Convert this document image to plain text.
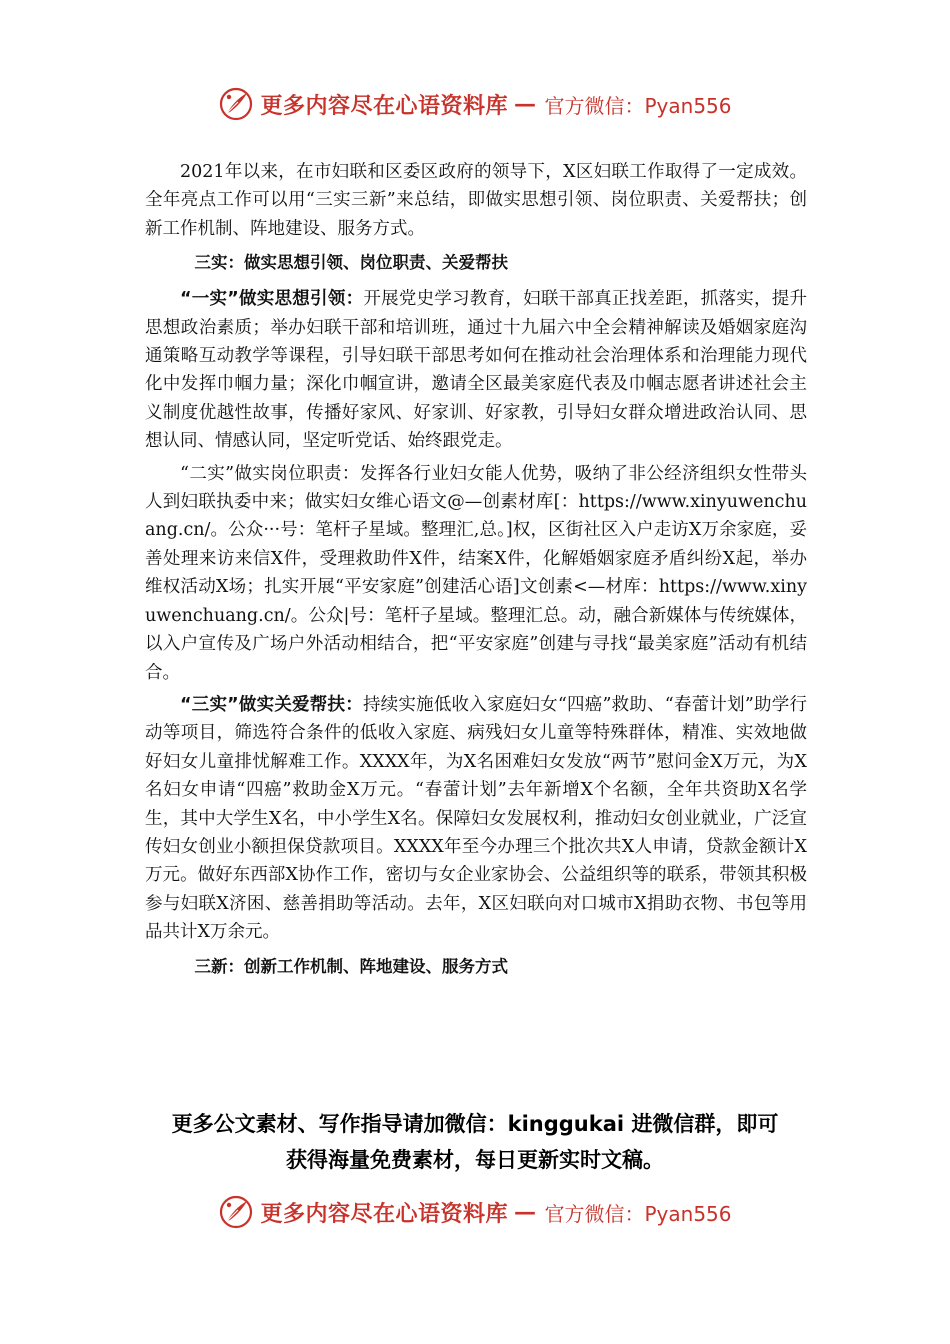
更多内容尽在心语资料库 — 官方微信：Pyan556

2021年以来，在市妇联和区委区政府的领导下，X区妇联工作取得了一定成效。全年亮点工作可以用“三实三新”来总结，即做实思想引领、岗位职责、关爱帮扶；创新工作机制、阵地建设、服务方式。

三实：做实思想引领、岗位职责、关爱帮扶

“一实”做实思想引领：开展党史学习教育，妇联干部真正找差距，抓落实，提升思想政治素质；举办妇联干部和培训班，通过十九届六中全会精神解读及婚姻家庭沟通策略互动教学等课程，引导妇联干部思考如何在推动社会治理体系和治理能力现代化中发挥巾帼力量；深化巾帼宣讲，邀请全区最美家庭代表及巾帼志愿者讲述社会主义制度优越性故事，传播好家风、好家训、好家教，引导妇女群众增进政治认同、思想认同、情感认同，坚定听党话、始终跟党走。

“二实”做实岗位职责：发挥各行业妇女能人优势，吸纳了非公经济组织女性带头人到妇联执委中来；做实妇女维心语文@—创素材库[：https://www.xinyuwenchuang.cn/。公众···号：笔杆子星域。整理汇,总。]权，区街社区入户走访X万余家庭，妥善处理来访来信X件，受理救助件X件，结案X件，化解婚姻家庭矛盾纠纷X起，举办维权活动X场；扎实开展“平安家庭”创建活心语]文创素<—材库：https://www.xinyuwenchuang.cn/。公众|号：笔杆子星域。整理汇总。动，融合新媒体与传统媒体，以入户宣传及广场户外活动相结合，把“平安家庭”创建与寻找“最美家庭”活动有机结合。

“三实”做实关爱帮扶：持续实施低收入家庭妇女“四癌”救助、“春蕾计划”助学行动等项目，筛选符合条件的低收入家庭、病残妇女儿童等特殊群体，精准、实效地做好妇女儿童排忧解难工作。XXXX年，为X名困难妇女发放“两节”慰问金X万元，为X名妇女申请“四癌”救助金X万元。“春蕾计划”去年新增X个名额，全年共资助X名学生，其中大学生X名，中小学生X名。保障妇女发展权利，推动妇女创业就业，广泛宣传妇女创业小额担保贷款项目。XXXX年至今办理三个批次共X人申请，贷款金额计X万元。做好东西部X协作工作，密切与女企业家协会、公益组织等的联系，带领其积极参与妇联X济困、慈善捐助等活动。去年，X区妇联向对口城市X捐助衣物、书包等用品共计X万余元。

三新：创新工作机制、阵地建设、服务方式
更多公文素材、写作指导请加微信：kinggukai 进微信群，即可
获得海量免费素材，每日更新实时文稿。
更多内容尽在心语资料库 — 官方微信：Pyan556
